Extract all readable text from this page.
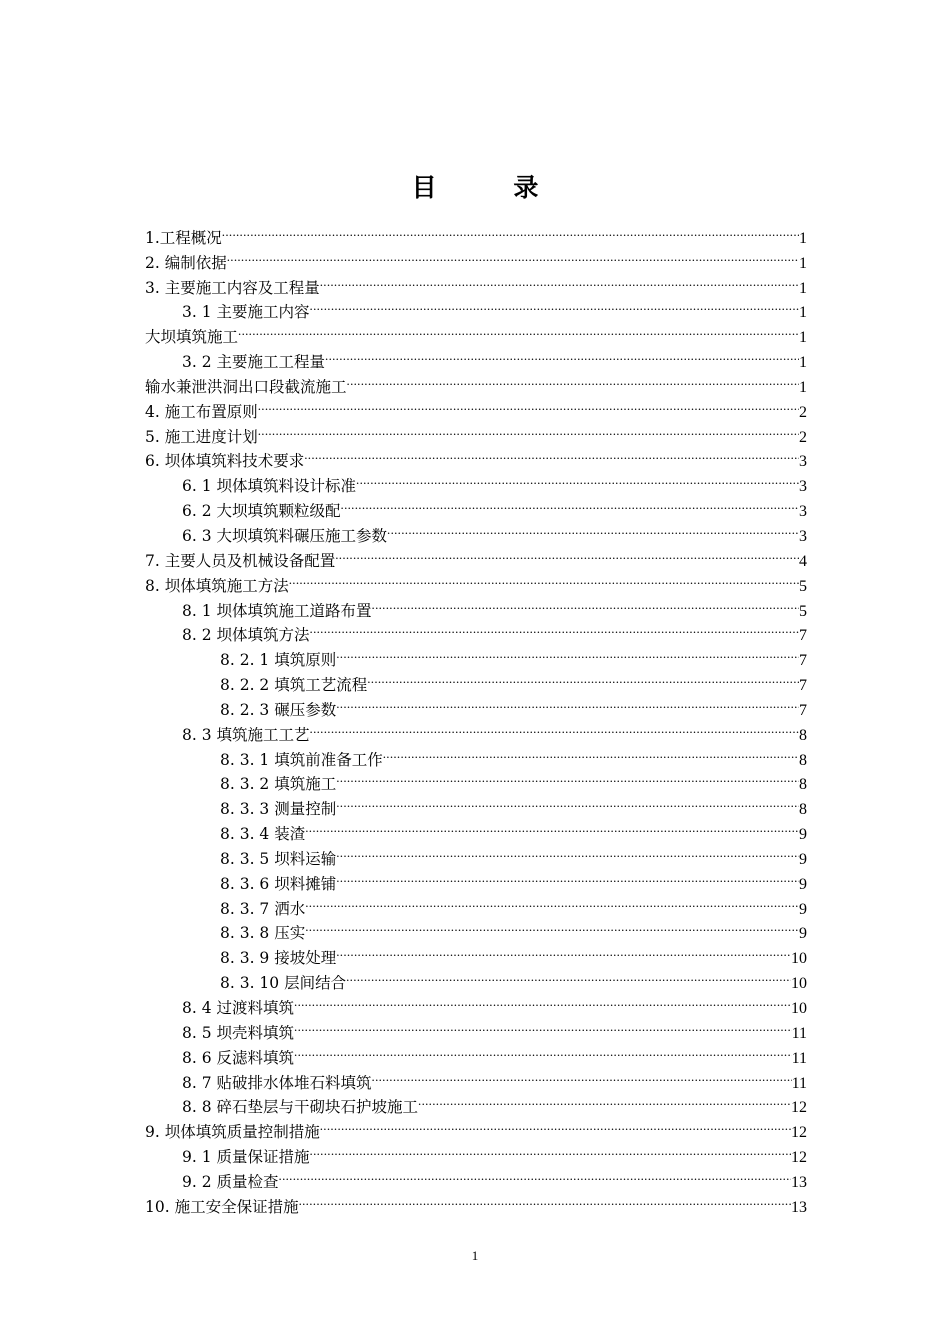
目 录
1.工程概况 .....	1
2. 编制依据 .....	1
3. 主要施工内容及工程量 .....	1
3. 1 主要施工内容 .....	1
大坝填筑施工 .....	1
3. 2 主要施工工程量 .....	1
输水兼泄洪洞出口段截流施工 .....	1
4. 施工布置原则 .....	2
5. 施工进度计划 .....	2
6. 坝体填筑料技术要求 .....	3
6. 1 坝体填筑料设计标准 .....	3
6. 2 大坝填筑颗粒级配 .....	3
6. 3 大坝填筑料碾压施工参数 .....	3
7. 主要人员及机械设备配置 .....	4
8. 坝体填筑施工方法 .....	5
8. 1 坝体填筑施工道路布置 .....	5
8. 2 坝体填筑方法 .....	7
8. 2. 1 填筑原则 .....	7
8. 2. 2 填筑工艺流程 .....	7
8. 2. 3 碾压参数 .....	7
8. 3 填筑施工工艺 .....	8
8. 3. 1 填筑前准备工作 .....	8
8. 3. 2 填筑施工 .....	8
8. 3. 3 测量控制 .....	8
8. 3. 4 装渣 .....	9
8. 3. 5 坝料运输 .....	9
8. 3. 6 坝料摊铺 .....	9
8. 3. 7 洒水 .....	9
8. 3. 8 压实 .....	9
8. 3. 9 接坡处理 .....	10
8. 3. 10 层间结合 .....	10
8. 4 过渡料填筑 .....	10
8. 5 坝壳料填筑 .....	11
8. 6 反滤料填筑 .....	11
8. 7 贴破排水体堆石料填筑 .....	11
8. 8 碎石垫层与干砌块石护坡施工 .....	12
9. 坝体填筑质量控制措施 .....	12
9. 1 质量保证措施 .....	12
9. 2 质量检查 .....	13
10. 施工安全保证措施 .....	13
1
